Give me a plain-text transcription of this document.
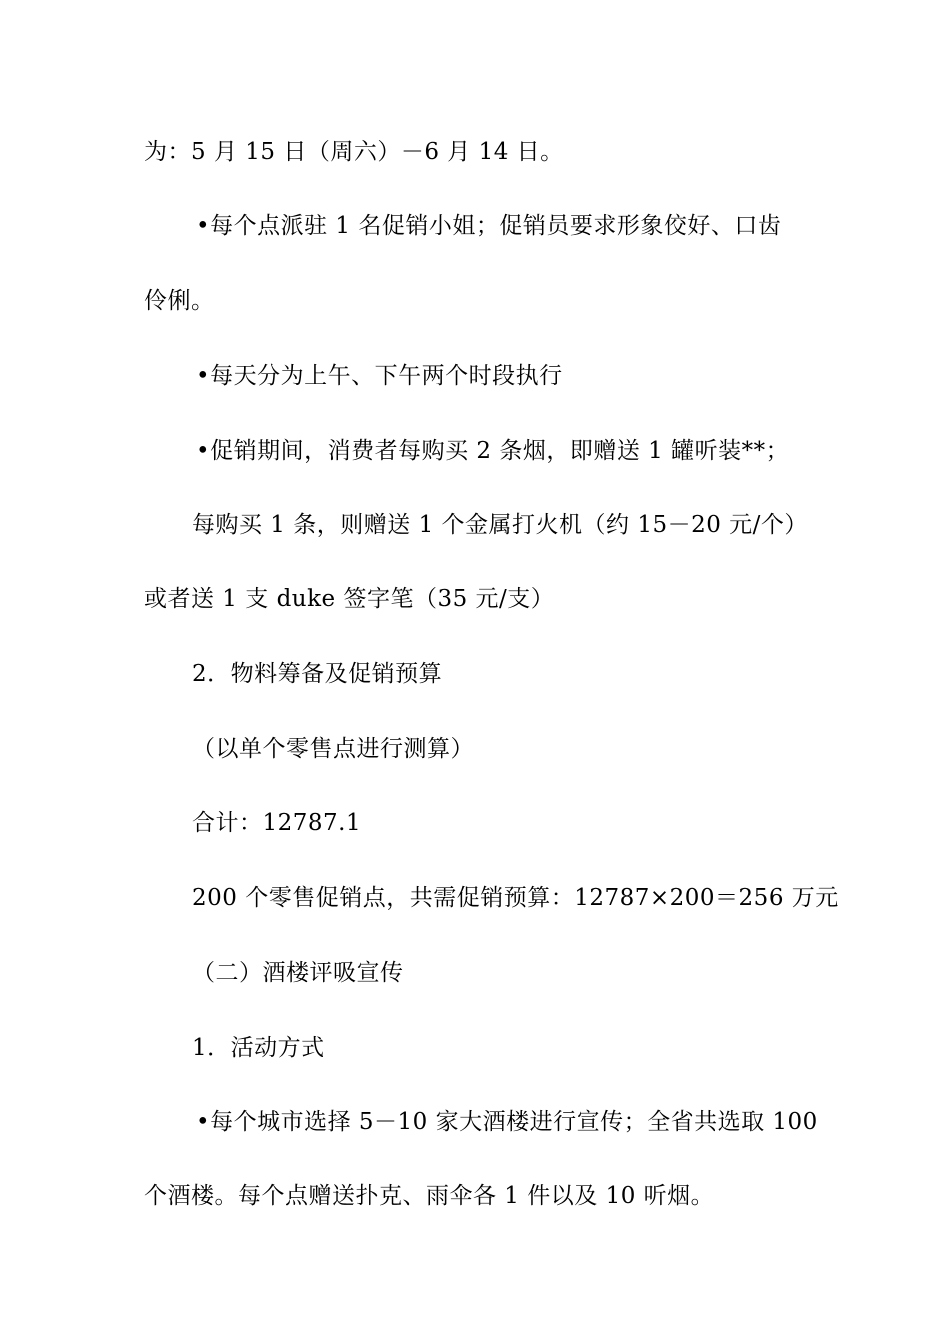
为：5 月 15 日（周六）－6 月 14 日。
•每个点派驻 1 名促销小姐；促销员要求形象佼好、口齿
伶俐。
•每天分为上午、下午两个时段执行
•促销期间，消费者每购买 2 条烟，即赠送 1 罐听装**；
每购买 1 条，则赠送 1 个金属打火机（约 15－20 元/个）
或者送 1 支 duke 签字笔（35 元/支）
2．物料筹备及促销预算
（以单个零售点进行测算）
合计：12787.1
200 个零售促销点，共需促销预算：12787×200＝256 万元
（二）酒楼评吸宣传
1．活动方式
•每个城市选择 5－10 家大酒楼进行宣传；全省共选取 100
个酒楼。每个点赠送扑克、雨伞各 1 件以及 10 听烟。
